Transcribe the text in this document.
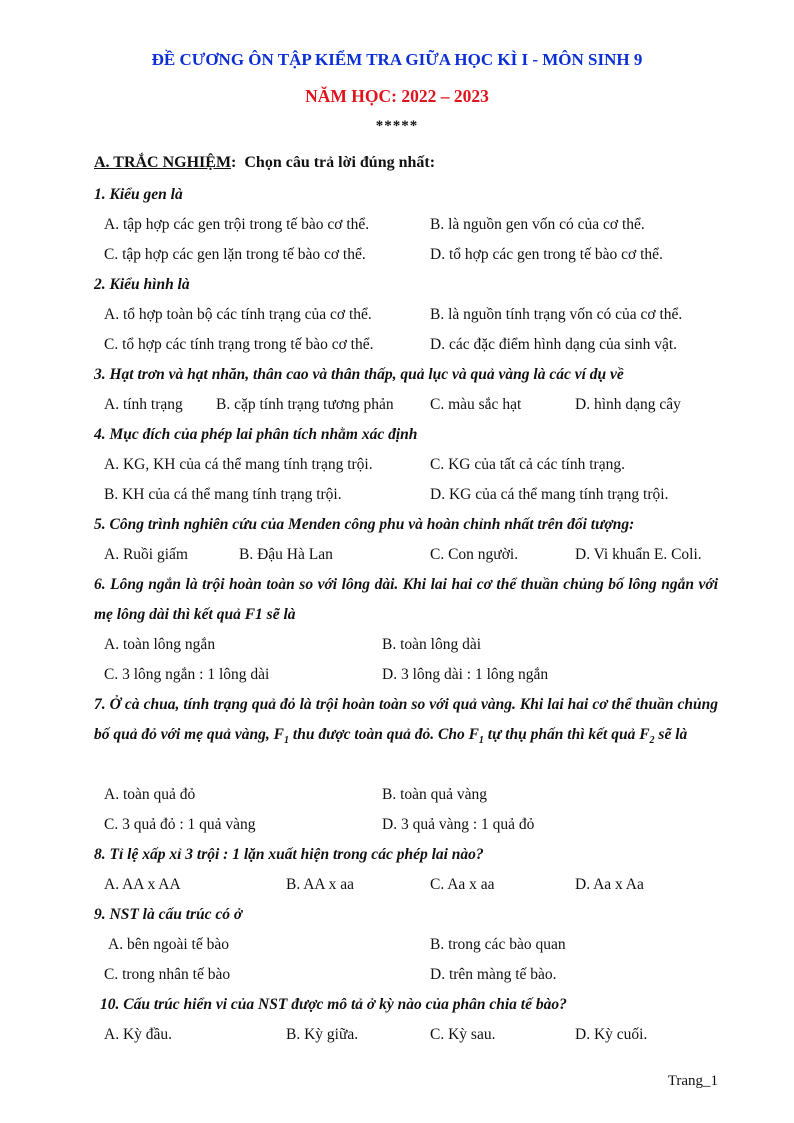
ĐỀ CƯƠNG ÔN TẬP KIỂM TRA GIỮA HỌC KÌ I - MÔN SINH 9
NĂM HỌC: 2022 – 2023
*****
A. TRẮC NGHIỆM: Chọn câu trả lời đúng nhất:
1. Kiểu gen là
A. tập hợp các gen trội trong tế bào cơ thể.	B. là nguồn gen vốn có của cơ thể.
C. tập hợp các gen lặn trong tế bào cơ thể.	D. tổ hợp các gen trong tế bào cơ thể.
2. Kiểu hình là
A. tổ hợp toàn bộ các tính trạng của cơ thể.	B. là nguồn tính trạng vốn có của cơ thể.
C. tổ hợp các tính trạng trong tế bào cơ thể.	D. các đặc điểm hình dạng của sinh vật.
3. Hạt trơn và hạt nhăn, thân cao và thân thấp, quả lục và quả vàng là các ví dụ về
A. tính trạng B. cặp tính trạng tương phản C. màu sắc hạt	D. hình dạng cây
4. Mục đích của phép lai phân tích nhằm xác định
A. KG, KH của cá thể mang tính trạng trội.	C. KG của tất cả các tính trạng.
B. KH của cá thể mang tính trạng trội.	D. KG của cá thể mang tính trạng trội.
5. Công trình nghiên cứu của Menden công phu và hoàn chỉnh nhất trên đối tượng:
A. Ruồi giấm	B. Đậu Hà Lan	C. Con người.	D. Vi khuẩn E. Coli.
6. Lông ngắn là trội hoàn toàn so với lông dài. Khi lai hai cơ thể thuần chủng bố lông ngắn với mẹ lông dài thì kết quả F1 sẽ là
A. toàn lông ngắn	B. toàn lông dài
C. 3 lông ngắn : 1 lông dài	D. 3 lông dài : 1 lông ngắn
7. Ở cà chua, tính trạng quả đỏ là trội hoàn toàn so với quả vàng. Khi lai hai cơ thể thuần chủng bố quả đỏ với mẹ quả vàng, $F_1$ thu được toàn quả đỏ. Cho $F_1$ tự thụ phấn thì kết quả $F_2$ sẽ là
A. toàn quả đỏ	B. toàn quả vàng
C. 3 quả đỏ : 1 quả vàng	D. 3 quả vàng : 1 quả đỏ
8. Tỉ lệ xấp xỉ 3 trội : 1 lặn xuất hiện trong các phép lai nào?
A. AA x AA	B. AA x aa	C. Aa x aa	D. Aa x Aa
9. NST là cấu trúc có ở
A. bên ngoài tế bào	B. trong các bào quan
C. trong nhân tế bào	D. trên màng tế bào.
10. Cấu trúc hiển vi của NST được mô tả ở kỳ nào của phân chia tế bào?
A. Kỳ đầu.	B. Kỳ giữa.	C. Kỳ sau.	D. Kỳ cuối.
Trang_1
